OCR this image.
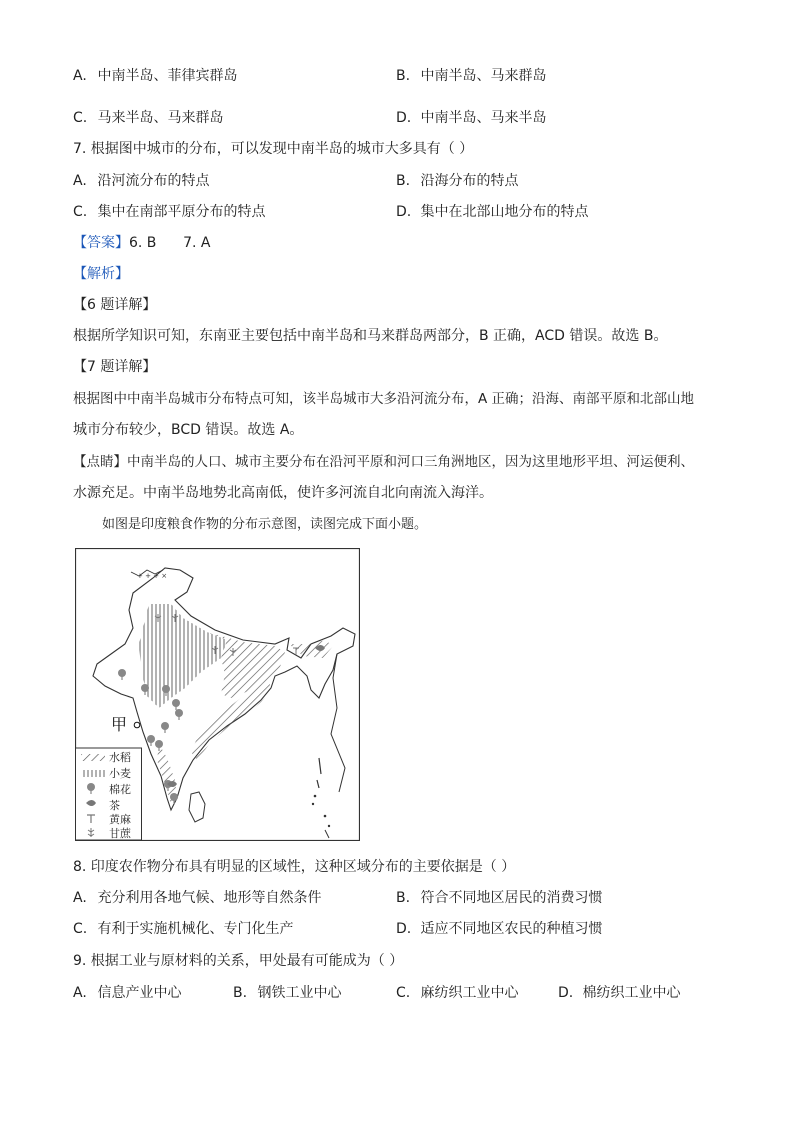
A. 中南半岛、菲律宾群岛	B. 中南半岛、马来群岛
C. 马来半岛、马来群岛	D. 中南半岛、马来半岛
7. 根据图中城市的分布，可以发现中南半岛的城市大多具有（ ）
A. 沿河流分布的特点	B. 沿海分布的特点
C. 集中在南部平原分布的特点	D. 集中在北部山地分布的特点
【答案】6. B      7. A
【解析】
【6 题详解】
根据所学知识可知，东南亚主要包括中南半岛和马来群岛两部分，B 正确，ACD 错误。故选 B。
【7 题详解】
根据图中中南半岛城市分布特点可知，该半岛城市大多沿河流分布，A 正确；沿海、南部平原和北部山地
城市分布较少，BCD 错误。故选 A。
【点睛】中南半岛的人口、城市主要分布在沿河平原和河口三角洲地区，因为这里地形平坦、河运便利、
水源充足。中南半岛地势北高南低，使许多河流自北向南流入海洋。
如图是印度粮食作物的分布示意图，读图完成下面小题。
+ + + ×
甲
水稻
小麦
棉花
茶
黄麻
甘蔗
8. 印度农作物分布具有明显的区域性，这种区域分布的主要依据是（ ）
A. 充分利用各地气候、地形等自然条件	B. 符合不同地区居民的消费习惯
C. 有利于实施机械化、专门化生产	D. 适应不同地区农民的种植习惯
9. 根据工业与原材料的关系，甲处最有可能成为（ ）
A. 信息产业中心	B. 钢铁工业中心	C. 麻纺织工业中心	D. 棉纺织工业中心
